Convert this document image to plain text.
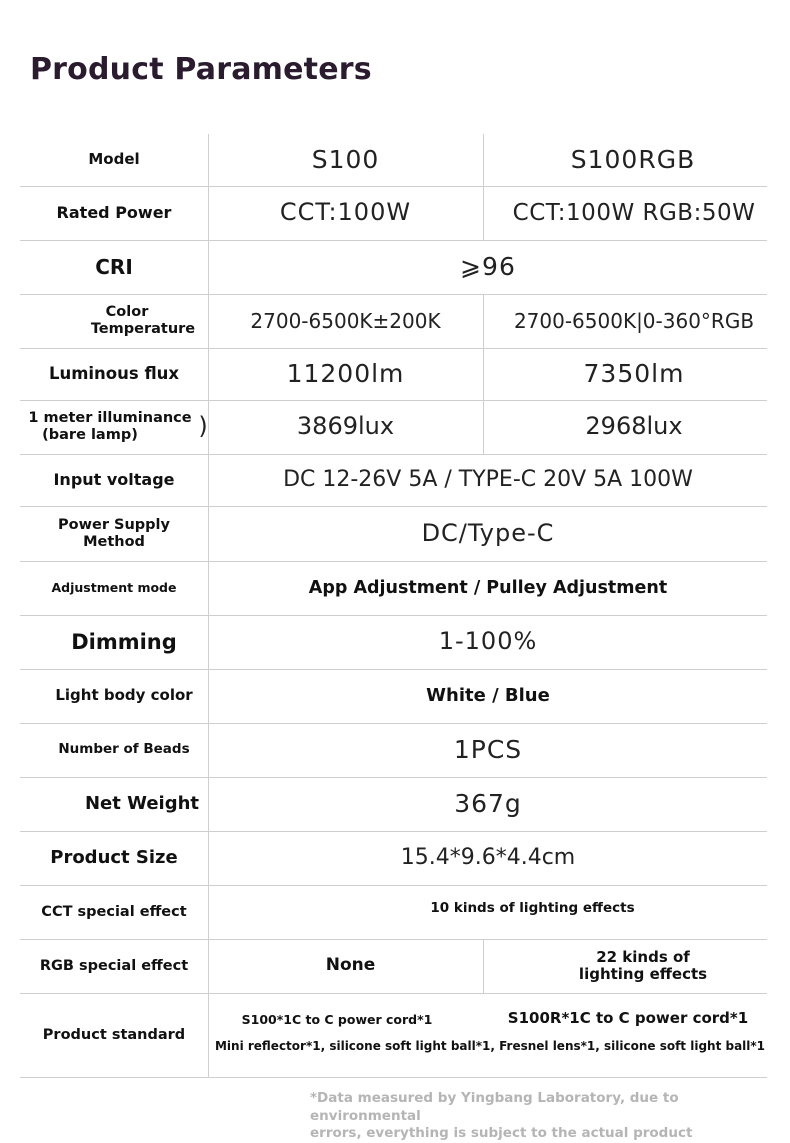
Product Parameters
Model	S100	S100RGB
Rated Power	CCT:100W	CCT:100W RGB:50W
CRI	⩾96
Color
Temperature	2700-6500K±200K	2700-6500K|0-360°RGB
Luminous flux	11200lm	7350lm
1 meter illuminance
(bare lamp)	)	3869lux	2968lux
Input voltage	DC 12-26V 5A / TYPE-C 20V 5A 100W
Power Supply
Method	DC/Type-C
Adjustment mode	App Adjustment / Pulley Adjustment
Dimming	1-100%
Light body color	White / Blue
Number of Beads	1PCS
Net Weight	367g
Product Size	15.4*9.6*4.4cm
CCT special effect	10 kinds of lighting effects
RGB special effect	None	22 kinds of
lighting effects
Product standard
S100*1C to C power cord*1	S100R*1C to C power cord*1
Mini reflector*1, silicone soft light ball*1, Fresnel lens*1, silicone soft light ball*1
*Data measured by Yingbang Laboratory, due to environmental
errors, everything is subject to the actual product
